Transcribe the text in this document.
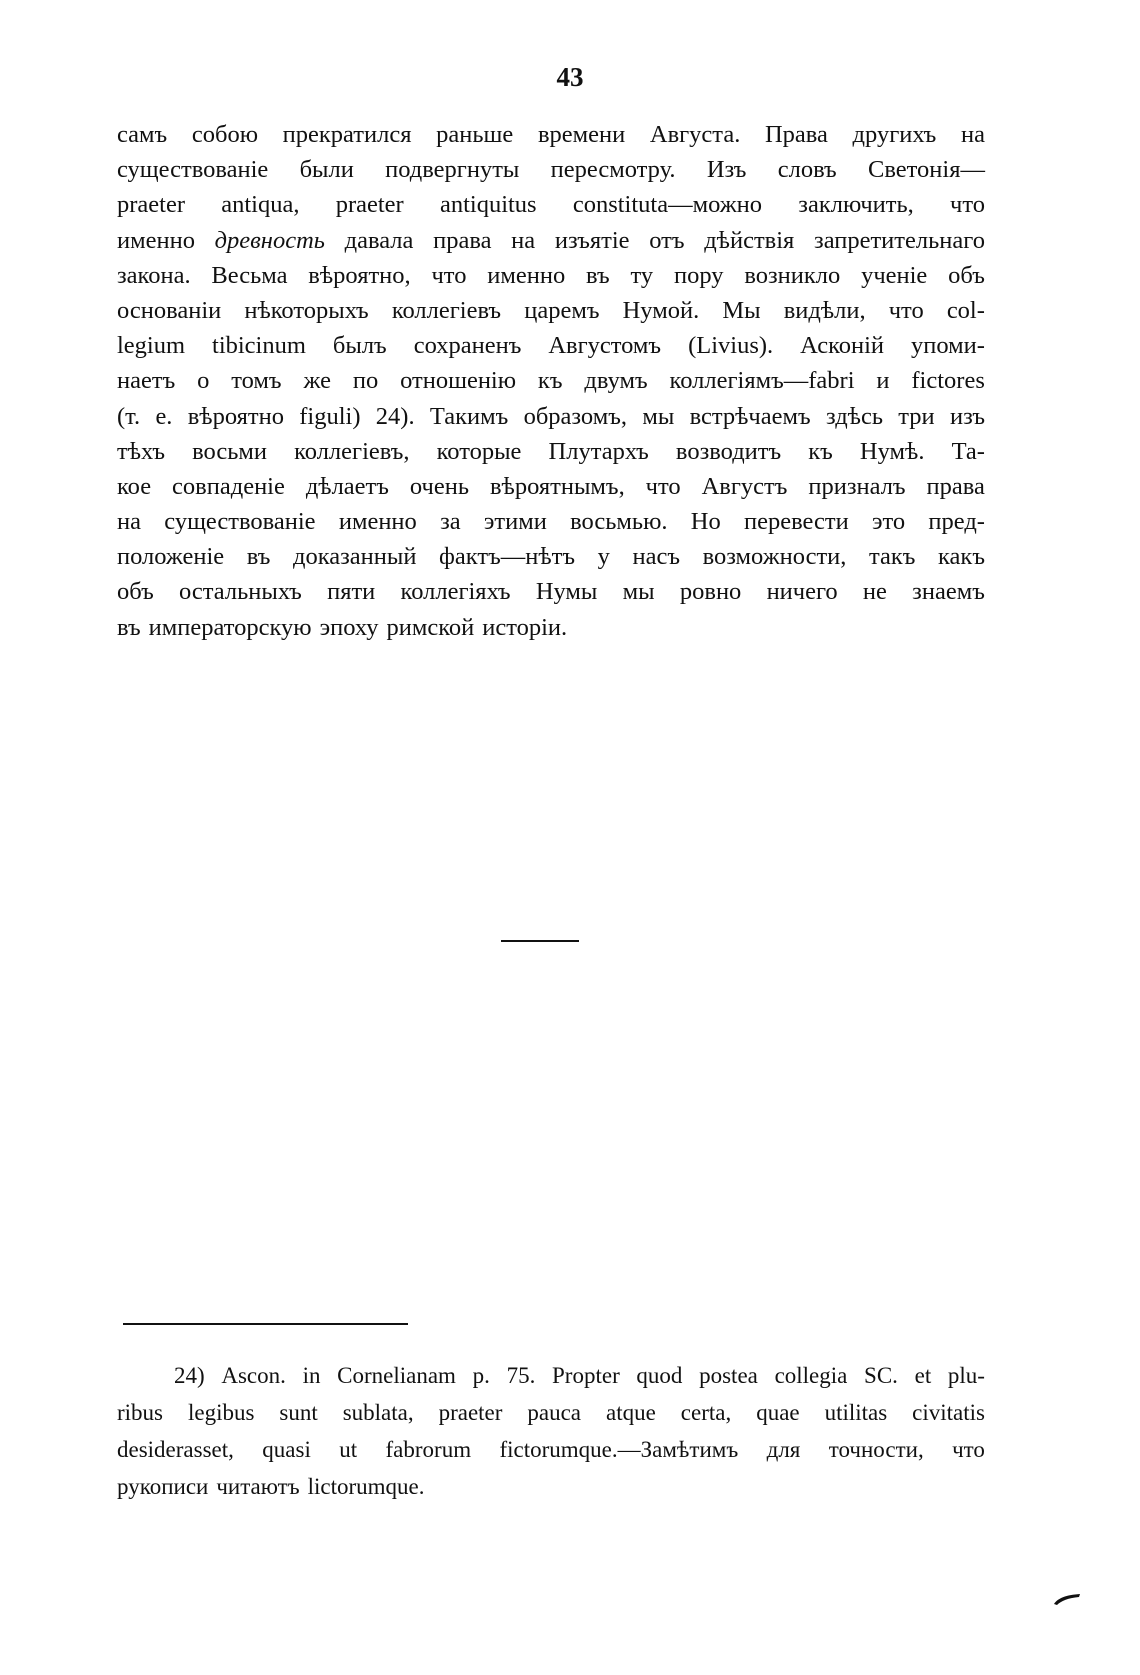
43
самъ собою прекратился раньше времени Августа. Права другихъ на
существованіе были подвергнуты пересмотру. Изъ словъ Светонія—
praeter antiqua, praeter antiquitus constituta—можно заключить, что
именно древность давала права на изъятіе отъ дѣйствія запретительнаго
закона. Весьма вѣроятно, что именно въ ту пору возникло ученіе объ
основаніи нѣкоторыхъ коллегіевъ царемъ Нумой. Мы видѣли, что col-
legium tibicinum былъ сохраненъ Августомъ (Livius). Асконій упоми-
наетъ о томъ же по отношенію къ двумъ коллегіямъ—fabri и fictores
(т. е. вѣроятно figuli) 24). Такимъ образомъ, мы встрѣчаемъ здѣсь три изъ
тѣхъ восьми коллегіевъ, которые Плутархъ возводитъ къ Нумѣ. Та-
кое совпаденіе дѣлаетъ очень вѣроятнымъ, что Августъ призналъ права
на существованіе именно за этими восьмью. Но перевести это пред-
положеніе въ доказанный фактъ—нѣтъ у насъ возможности, такъ какъ
объ остальныхъ пяти коллегіяхъ Нумы мы ровно ничего не знаемъ
въ императорскую эпоху римской исторіи.
24) Ascon. in Cornelianam p. 75. Propter quod postea collegia SC. et plu-
ribus legibus sunt sublata, praeter pauca atque certa, quae utilitas civitatis
desiderasset, quasi ut fabrorum fictorumque.—Замѣтимъ для точности, что
рукописи читаютъ lictorumque.
